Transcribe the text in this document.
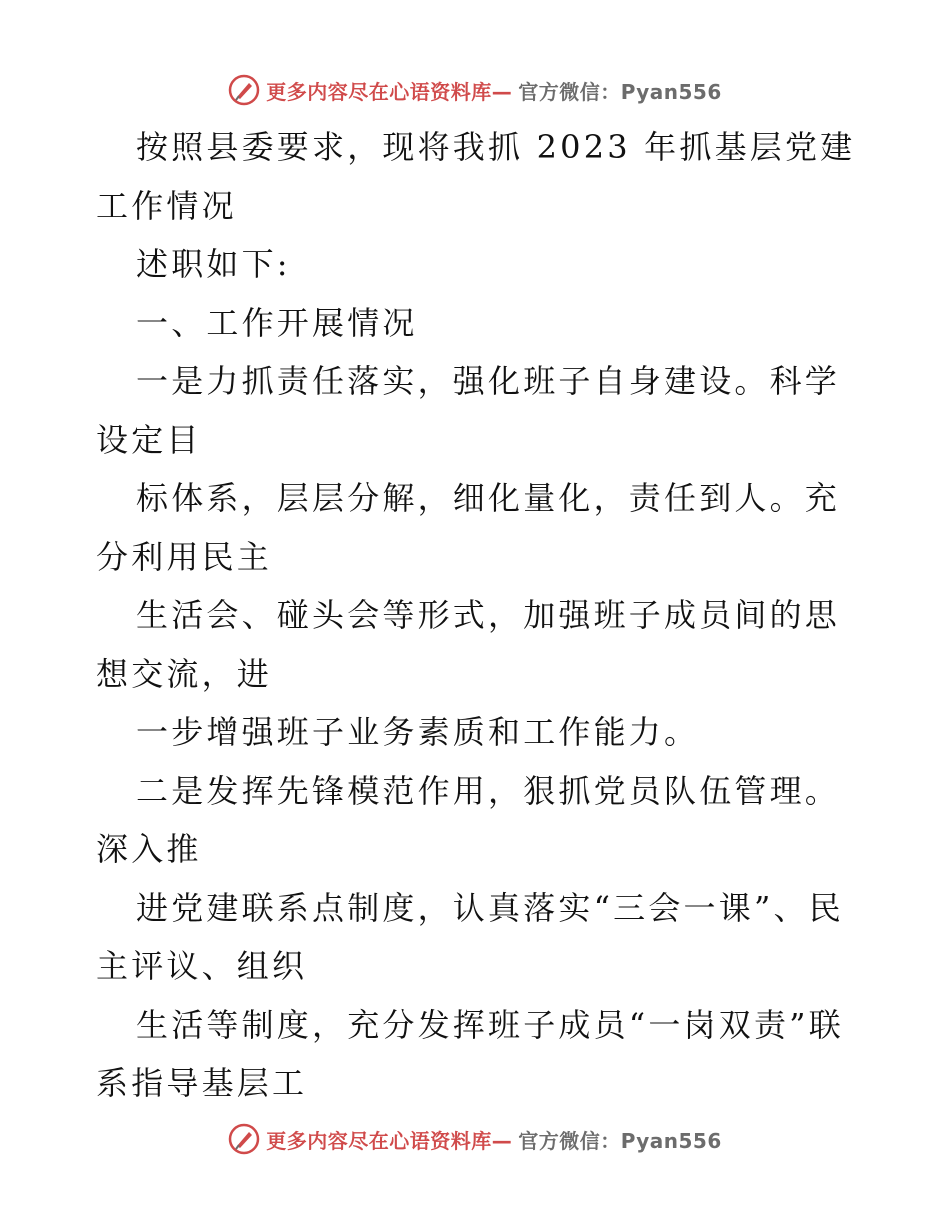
更多内容尽在心语资料库— 官方微信：Pyan556

按照县委要求，现将我抓 2023 年抓基层党建工作情况

述职如下:

一、工作开展情况

一是力抓责任落实，强化班子自身建设。科学设定目

标体系，层层分解，细化量化，责任到人。充分利用民主

生活会、碰头会等形式，加强班子成员间的思想交流，进

一步增强班子业务素质和工作能力。

二是发挥先锋模范作用，狠抓党员队伍管理。深入推

进党建联系点制度，认真落实“三会一课”、民主评议、组织

生活等制度，充分发挥班子成员“一岗双责”联系指导基层工

更多内容尽在心语资料库— 官方微信：Pyan556
